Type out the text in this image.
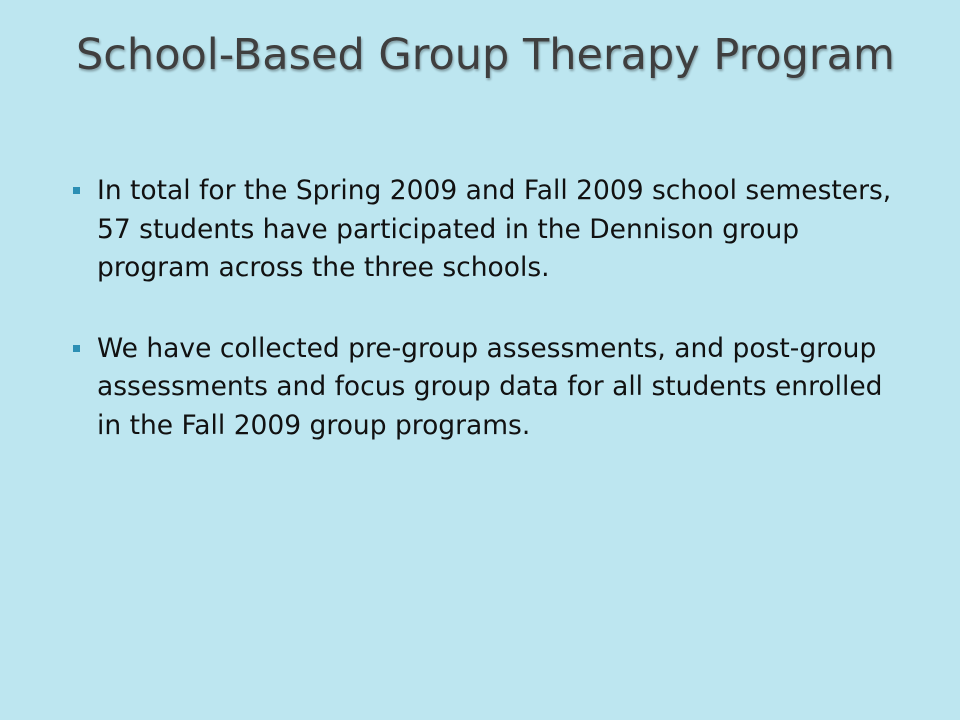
School-Based Group Therapy Program
In total for the Spring 2009 and Fall 2009 school semesters, 57 students have participated in the Dennison group program across the three schools.
We have collected pre-group assessments, and post-group assessments and focus group data for all students enrolled in the Fall 2009 group programs.
